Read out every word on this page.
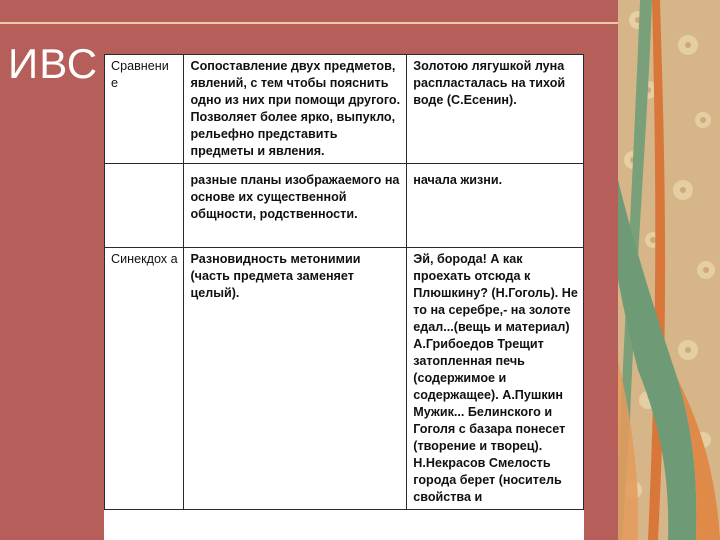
ИВС Сравнени е	Сопоставление двух предметов, явлений, с тем чтобы пояснить одно из них при помощи другого. Позволяет более ярко, выпукло, рельефно представить предметы и явления.	Золотою лягушкой луна распласталась на тихой воде (С.Есенин).

	разные планы изображаемого на основе их существенной общности, родственности.	начала жизни.

Синекдох а	Разновидность метонимии (часть предмета заменяет целый).	Эй, борода! А как проехать отсюда к Плюшкину? (Н.Гоголь). Не то на серебре,- на золоте едал...(вещь и материал) А.Грибоедов Трещит затопленная печь (содержимое и содержащее). А.Пушкин Мужик... Белинского и Гоголя с базара понесет (творение и творец). Н.Некрасов Смелость города берет (носитель свойства и
